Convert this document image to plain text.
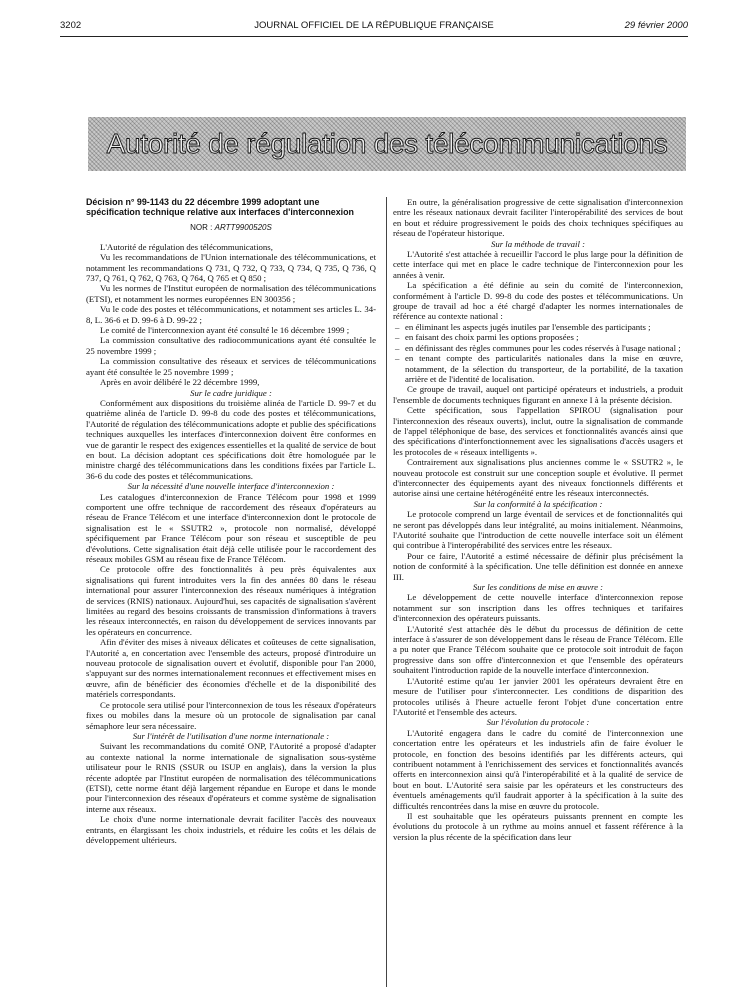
3202	JOURNAL OFFICIEL DE LA RÉPUBLIQUE FRANÇAISE	29 février 2000
Autorité de régulation des télécommunications
Décision n° 99-1143 du 22 décembre 1999 adoptant une spécification technique relative aux interfaces d'interconnexion

NOR : ARTT9900520S

L'Autorité de régulation des télécommunications,

Vu les recommandations de l'Union internationale des télécommunications, et notamment les recommandations Q 731, Q 732, Q 733, Q 734, Q 735, Q 736, Q 737, Q 761, Q 762, Q 763, Q 764, Q 765 et Q 850 ;

Vu les normes de l'Institut européen de normalisation des télécommunications (ETSI), et notamment les normes européennes EN 300356 ;

Vu le code des postes et télécommunications, et notamment ses articles L. 34-8, L. 36-6 et D. 99-6 à D. 99-22 ;

Le comité de l'interconnexion ayant été consulté le 16 décembre 1999 ;

La commission consultative des radiocommunications ayant été consultée le 25 novembre 1999 ;

La commission consultative des réseaux et services de télécommunications ayant été consultée le 25 novembre 1999 ;

Après en avoir délibéré le 22 décembre 1999,

Sur le cadre juridique :

Conformément aux dispositions du troisième alinéa de l'article D. 99-7 et du quatrième alinéa de l'article D. 99-8 du code des postes et télécommunications, l'Autorité de régulation des télécommunications adopte et publie des spécifications techniques auxquelles les interfaces d'interconnexion doivent être conformes en vue de garantir le respect des exigences essentielles et la qualité de service de bout en bout. La décision adoptant ces spécifications doit être homologuée par le ministre chargé des télécommunications dans les conditions fixées par l'article L. 36-6 du code des postes et télécommunications.

Sur la nécessité d'une nouvelle interface d'interconnexion :

Les catalogues d'interconnexion de France Télécom pour 1998 et 1999 comportent une offre technique de raccordement des réseaux d'opérateurs au réseau de France Télécom et une interface d'interconnexion dont le protocole de signalisation est le « SSUTR2 », protocole non normalisé, développé spécifiquement par France Télécom pour son réseau et susceptible de peu d'évolutions. Cette signalisation était déjà celle utilisée pour le raccordement des réseaux mobiles GSM au réseau fixe de France Télécom.

Ce protocole offre des fonctionnalités à peu près équivalentes aux signalisations qui furent introduites vers la fin des années 80 dans le réseau international pour assurer l'interconnexion des réseaux numériques à intégration de services (RNIS) nationaux. Aujourd'hui, ses capacités de signalisation s'avèrent limitées au regard des besoins croissants de transmission d'informations à travers les réseaux interconnectés, en raison du développement de services innovants par les opérateurs en concurrence.

Afin d'éviter des mises à niveaux délicates et coûteuses de cette signalisation, l'Autorité a, en concertation avec l'ensemble des acteurs, proposé d'introduire un nouveau protocole de signalisation ouvert et évolutif, disponible pour l'an 2000, s'appuyant sur des normes internationalement reconnues et effectivement mises en œuvre, afin de bénéficier des économies d'échelle et de la disponibilité des matériels correspondants.

Ce protocole sera utilisé pour l'interconnexion de tous les réseaux d'opérateurs fixes ou mobiles dans la mesure où un protocole de signalisation par canal sémaphore leur sera nécessaire.

Sur l'intérêt de l'utilisation d'une norme internationale :

Suivant les recommandations du comité ONP, l'Autorité a proposé d'adapter au contexte national la norme internationale de signalisation sous-système utilisateur pour le RNIS (SSUR ou ISUP en anglais), dans la version la plus récente adoptée par l'Institut européen de normalisation des télécommunications (ETSI), cette norme étant déjà largement répandue en Europe et dans le monde pour l'interconnexion des réseaux d'opérateurs et comme système de signalisation interne aux réseaux.

Le choix d'une norme internationale devrait faciliter l'accès des nouveaux entrants, en élargissant les choix industriels, et réduire les coûts et les délais de développement ultérieurs.

En outre, la généralisation progressive de cette signalisation d'interconnexion entre les réseaux nationaux devrait faciliter l'interopérabilité des services de bout en bout et réduire progressivement le poids des choix techniques spécifiques au réseau de l'opérateur historique.

Sur la méthode de travail :

L'Autorité s'est attachée à recueillir l'accord le plus large pour la définition de cette interface qui met en place le cadre technique de l'interconnexion pour les années à venir.

La spécification a été définie au sein du comité de l'interconnexion, conformément à l'article D. 99-8 du code des postes et télécommunications. Un groupe de travail ad hoc a été chargé d'adapter les normes internationales de référence au contexte national :

– en éliminant les aspects jugés inutiles par l'ensemble des participants ;

– en faisant des choix parmi les options proposées ;

– en définissant des règles communes pour les codes réservés à l'usage national ;

– en tenant compte des particularités nationales dans la mise en œuvre, notamment, de la sélection du transporteur, de la portabilité, de la taxation arrière et de l'identité de localisation.

Ce groupe de travail, auquel ont participé opérateurs et industriels, a produit l'ensemble de documents techniques figurant en annexe I à la présente décision.

Cette spécification, sous l'appellation SPIROU (signalisation pour l'interconnexion des réseaux ouverts), inclut, outre la signalisation de commande de l'appel téléphonique de base, des services et fonctionnalités avancés ainsi que des spécifications d'interfonctionnement avec les signalisations d'accès usagers et les protocoles de « réseaux intelligents ».

Contrairement aux signalisations plus anciennes comme le « SSUTR2 », le nouveau protocole est construit sur une conception souple et évolutive. Il permet d'interconnecter des équipements ayant des niveaux fonctionnels différents et autorise ainsi une certaine hétérogénéité entre les réseaux interconnectés.

Sur la conformité à la spécification :

Le protocole comprend un large éventail de services et de fonctionnalités qui ne seront pas développés dans leur intégralité, au moins initialement. Néanmoins, l'Autorité souhaite que l'introduction de cette nouvelle interface soit un élément qui contribue à l'interopérabilité des services entre les réseaux.

Pour ce faire, l'Autorité a estimé nécessaire de définir plus précisément la notion de conformité à la spécification. Une telle définition est donnée en annexe III.

Sur les conditions de mise en œuvre :

Le développement de cette nouvelle interface d'interconnexion repose notamment sur son inscription dans les offres techniques et tarifaires d'interconnexion des opérateurs puissants.

L'Autorité s'est attachée dès le début du processus de définition de cette interface à s'assurer de son développement dans le réseau de France Télécom. Elle a pu noter que France Télécom souhaite que ce protocole soit introduit de façon progressive dans son offre d'interconnexion et que l'ensemble des opérateurs souhaitent l'introduction rapide de la nouvelle interface d'interconnexion.

L'Autorité estime qu'au 1er janvier 2001 les opérateurs devraient être en mesure de l'utiliser pour s'interconnecter. Les conditions de disparition des protocoles utilisés à l'heure actuelle feront l'objet d'une concertation entre l'Autorité et l'ensemble des acteurs.

Sur l'évolution du protocole :

L'Autorité engagera dans le cadre du comité de l'interconnexion une concertation entre les opérateurs et les industriels afin de faire évoluer le protocole, en fonction des besoins identifiés par les différents acteurs, qui contribuent notamment à l'enrichissement des services et fonctionnalités avancés offerts en interconnexion ainsi qu'à l'interopérabilité et à la qualité de service de bout en bout. L'Autorité sera saisie par les opérateurs et les constructeurs des éventuels aménagements qu'il faudrait apporter à la spécification à la suite des difficultés rencontrées dans la mise en œuvre du protocole.

Il est souhaitable que les opérateurs puissants prennent en compte les évolutions du protocole à un rythme au moins annuel et fassent référence à la version la plus récente de la spécification dans leur
